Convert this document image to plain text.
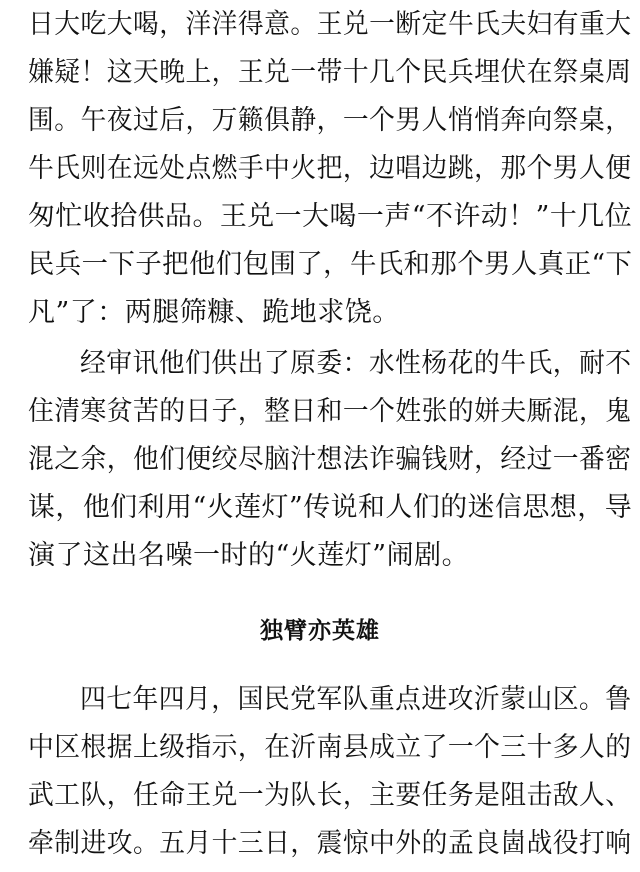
日大吃大喝，洋洋得意。王兑一断定牛氏夫妇有重大
嫌疑！这天晚上，王兑一带十几个民兵埋伏在祭桌周
围。午夜过后，万籁俱静，一个男人悄悄奔向祭桌，
牛氏则在远处点燃手中火把，边唱边跳，那个男人便
匆忙收拾供品。王兑一大喝一声“不许动！”十几位
民兵一下子把他们包围了，牛氏和那个男人真正“下
凡”了：两腿筛糠、跪地求饶。
经审讯他们供出了原委：水性杨花的牛氏，耐不
住清寒贫苦的日子，整日和一个姓张的姘夫厮混，鬼
混之余，他们便绞尽脑汁想法诈骗钱财，经过一番密
谋，他们利用“火莲灯”传说和人们的迷信思想，导
演了这出名噪一时的“火莲灯”闹剧。
独臂亦英雄
四七年四月，国民党军队重点进攻沂蒙山区。鲁
中区根据上级指示，在沂南县成立了一个三十多人的
武工队，任命王兑一为队长，主要任务是阻击敌人、
牵制进攻。五月十三日，震惊中外的孟良崮战役打响
